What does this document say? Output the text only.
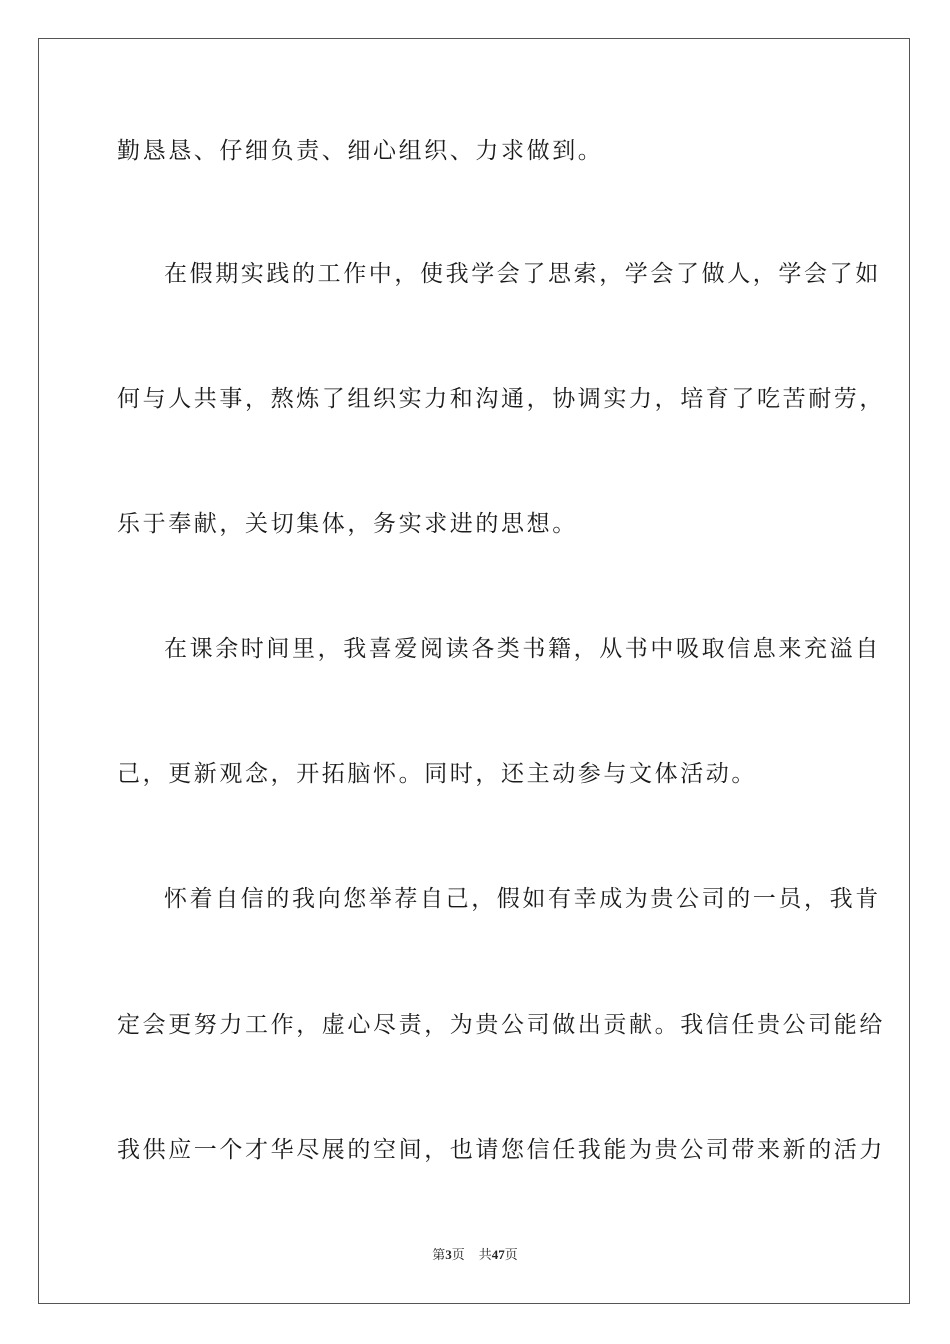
勤恳恳、仔细负责、细心组织、力求做到。
在假期实践的工作中，使我学会了思索，学会了做人，学会了如
何与人共事，熬炼了组织实力和沟通，协调实力，培育了吃苦耐劳，
乐于奉献，关切集体，务实求进的思想。
在课余时间里，我喜爱阅读各类书籍，从书中吸取信息来充溢自
己，更新观念，开拓脑怀。同时，还主动参与文体活动。
怀着自信的我向您举荐自己，假如有幸成为贵公司的一员，我肯
定会更努力工作，虚心尽责，为贵公司做出贡献。我信任贵公司能给
我供应一个才华尽展的空间，也请您信任我能为贵公司带来新的活力
第3页 共47页
